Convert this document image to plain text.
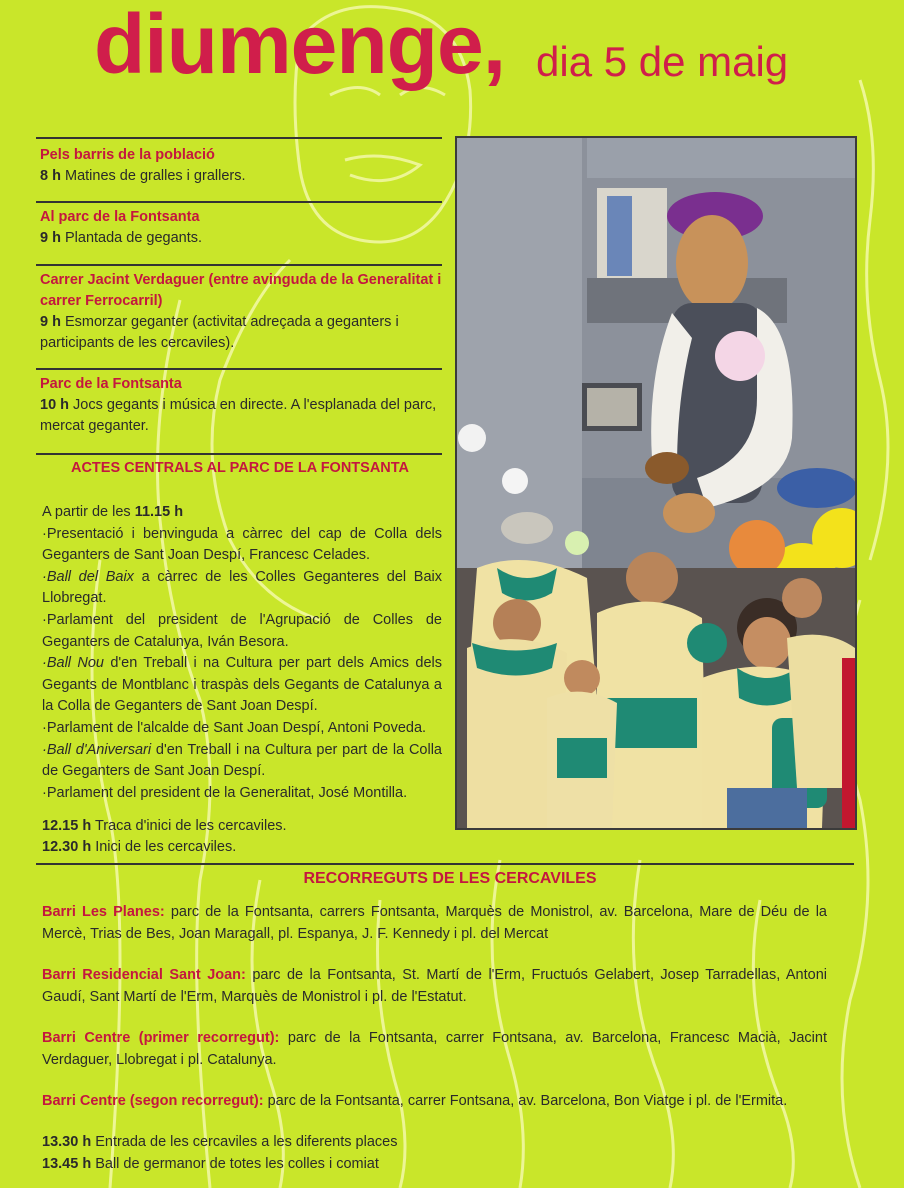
diumenge, dia 5 de maig
Pels barris de la població
8 h Matines de gralles i grallers.
Al parc de la Fontsanta
9 h Plantada de gegants.
Carrer Jacint Verdaguer (entre avinguda de la Generalitat i carrer Ferrocarril)
9 h Esmorzar geganter (activitat adreçada a geganters i participants de les cercaviles).
Parc de la Fontsanta
10 h Jocs gegants i música en directe. A l'esplanada del parc, mercat geganter.
ACTES CENTRALS AL PARC DE LA FONTSANTA

A partir de les 11.15 h

·Presentació i benvinguda a càrrec del cap de Colla dels Geganters de Sant Joan Despí, Francesc Celades.

·Ball del Baix a càrrec de les Colles Geganteres del Baix Llobregat.

·Parlament del president de l'Agrupació de Colles de Geganters de Catalunya, Iván Besora.

·Ball Nou d'en Treball i na Cultura per part dels Amics dels Gegants de Montblanc i traspàs dels Gegants de Catalunya a la Colla de Geganters de Sant Joan Despí.

·Parlament de l'alcalde de Sant Joan Despí, Antoni Poveda.

·Ball d'Aniversari d'en Treball i na Cultura per part de la Colla de Geganters de Sant Joan Despí.

·Parlament del president de la Generalitat, José Montilla.

12.15 h Traca d'inici de les cercaviles.
12.30 h Inici de les cercaviles.
RECORREGUTS DE LES CERCAVILES
Barri Les Planes: parc de la Fontsanta, carrers Fontsanta, Marquès de Monistrol, av. Barcelona, Mare de Déu de la Mercè, Trias de Bes, Joan Maragall, pl. Espanya, J. F. Kennedy i pl. del Mercat
Barri Residencial Sant Joan: parc de la Fontsanta, St. Martí de l'Erm, Fructuós Gelabert, Josep Tarradellas, Antoni Gaudí, Sant Martí de l'Erm, Marquès de Monistrol i pl. de l'Estatut.
Barri Centre (primer recorregut): parc de la Fontsanta, carrer Fontsana, av. Barcelona, Francesc Macià, Jacint Verdaguer, Llobregat i pl. Catalunya.
Barri Centre (segon recorregut): parc de la Fontsanta, carrer Fontsana, av. Barcelona, Bon Viatge i pl. de l'Ermita.
13.30 h Entrada de les cercaviles a les diferents places
13.45 h Ball de germanor de totes les colles i comiat
